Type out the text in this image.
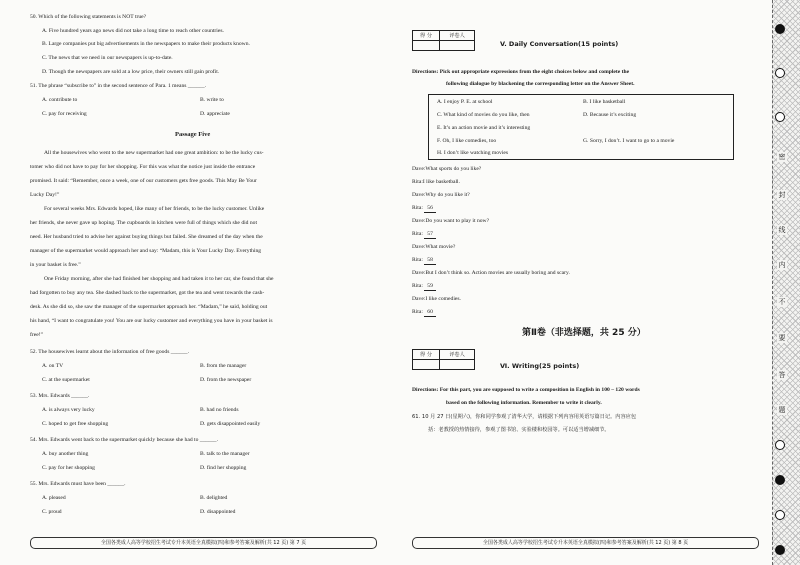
50. Which of the following statements is NOT true?
A. Five hundred years ago news did not take a long time to reach other countries.
B. Large companies put big advertisements in the newspapers to make their products known.
C. The news that we need in our newspapers is up-to-date.
D. Though the newspapers are sold at a low price, their owners still gain profit.
51. The phrase “subscribe to” in the second sentence of Para. 1 means ______.
A. contribute to	B. write to
C. pay for receiving	D. appreciate
Passage Five
All the housewives who went to the new supermarket had one great ambition: to be the lucky cus-
tomer who did not have to pay for her shopping. For this was what the notice just inside the entrance
promised. It said: “Remember, once a week, one of our customers gets free goods. This May Be Your
Lucky Day!”
For several weeks Mrs. Edwards hoped, like many of her friends, to be the lucky customer. Unlike
her friends, she never gave up hoping. The cupboards in kitchen were full of things which she did not
need. Her husband tried to advise her against buying things but failed. She dreamed of the day when the
manager of the supermarket would approach her and say: “Madam, this is Your Lucky Day. Everything
in your basket is free.”
One Friday morning, after she had finished her shopping and had taken it to her car, she found that she
had forgotten to buy any tea. She dashed back to the supermarket, got the tea and went towards the cash-
desk. As she did so, she saw the manager of the supermarket approach her. “Madam,” he said, holding out
his hand, “I want to congratulate you! You are our lucky customer and everything you have in your basket is
free!”
52. The housewives learnt about the information of free goods ______.
A. on TV	B. from the manager
C. at the supermarket	D. from the newspaper
53. Mrs. Edwards ______.
A. is always very lucky	B. had no friends
C. hoped to get free shopping	D. gets disappointed easily
54. Mrs. Edwards went back to the supermarket quickly because she had to ______.
A. buy another thing	B. talk to the manager
C. pay for her shopping	D. find her shopping
55. Mrs. Edwards must have been ______.
A. pleased	B. delighted
C. proud	D. disappointed
全国各类成人高等学校招生考试专升本英语全真模拟(四)和参考答案及解析(共 12 页) 第 7 页
得 分	评卷人

V. Daily Conversation(15 points)
Directions: Pick out appropriate expressions from the eight choices below and complete the
following dialogue by blackening the corresponding letter on the Answer Sheet.
A. I enjoy P. E. at school	B. I like basketball
C. What kind of movies do you like, then	D. Because it’s exciting
E. It’s an action movie and it’s interesting
F. Oh, I like comedies, too	G. Sorry, I don’t. I want to go to a movie
H. I don’t like watching movies
Dave:What sports do you like?
Rita:I like basketball.
Dave:Why do you like it?
Rita: 56
Dave:Do you want to play it now?
Rita: 57
Dave:What movie?
Rita: 58
Dave:But I don’t think so. Action movies are usually boring and scary.
Rita: 59
Dave:I like comedies.
Rita: 60
第Ⅱ卷（非选择题，共 25 分）
得 分	评卷人

Ⅵ. Writing(25 points)
Directions: For this part, you are supposed to write a composition in English in 100 – 120 words
based on the following information. Remember to write it clearly.
61. 10 月 27 日(星期六)，你和同学参观了清华大学，请根据下列内容用英语写篇日记。内容应包
括：老教授的热情接待，参观了图书馆、实验楼和校园等。可以适当增减细节。
全国各类成人高等学校招生考试专升本英语全真模拟(四)和参考答案及解析(共 12 页) 第 8 页
密
封
线
内
不
要
答
题
